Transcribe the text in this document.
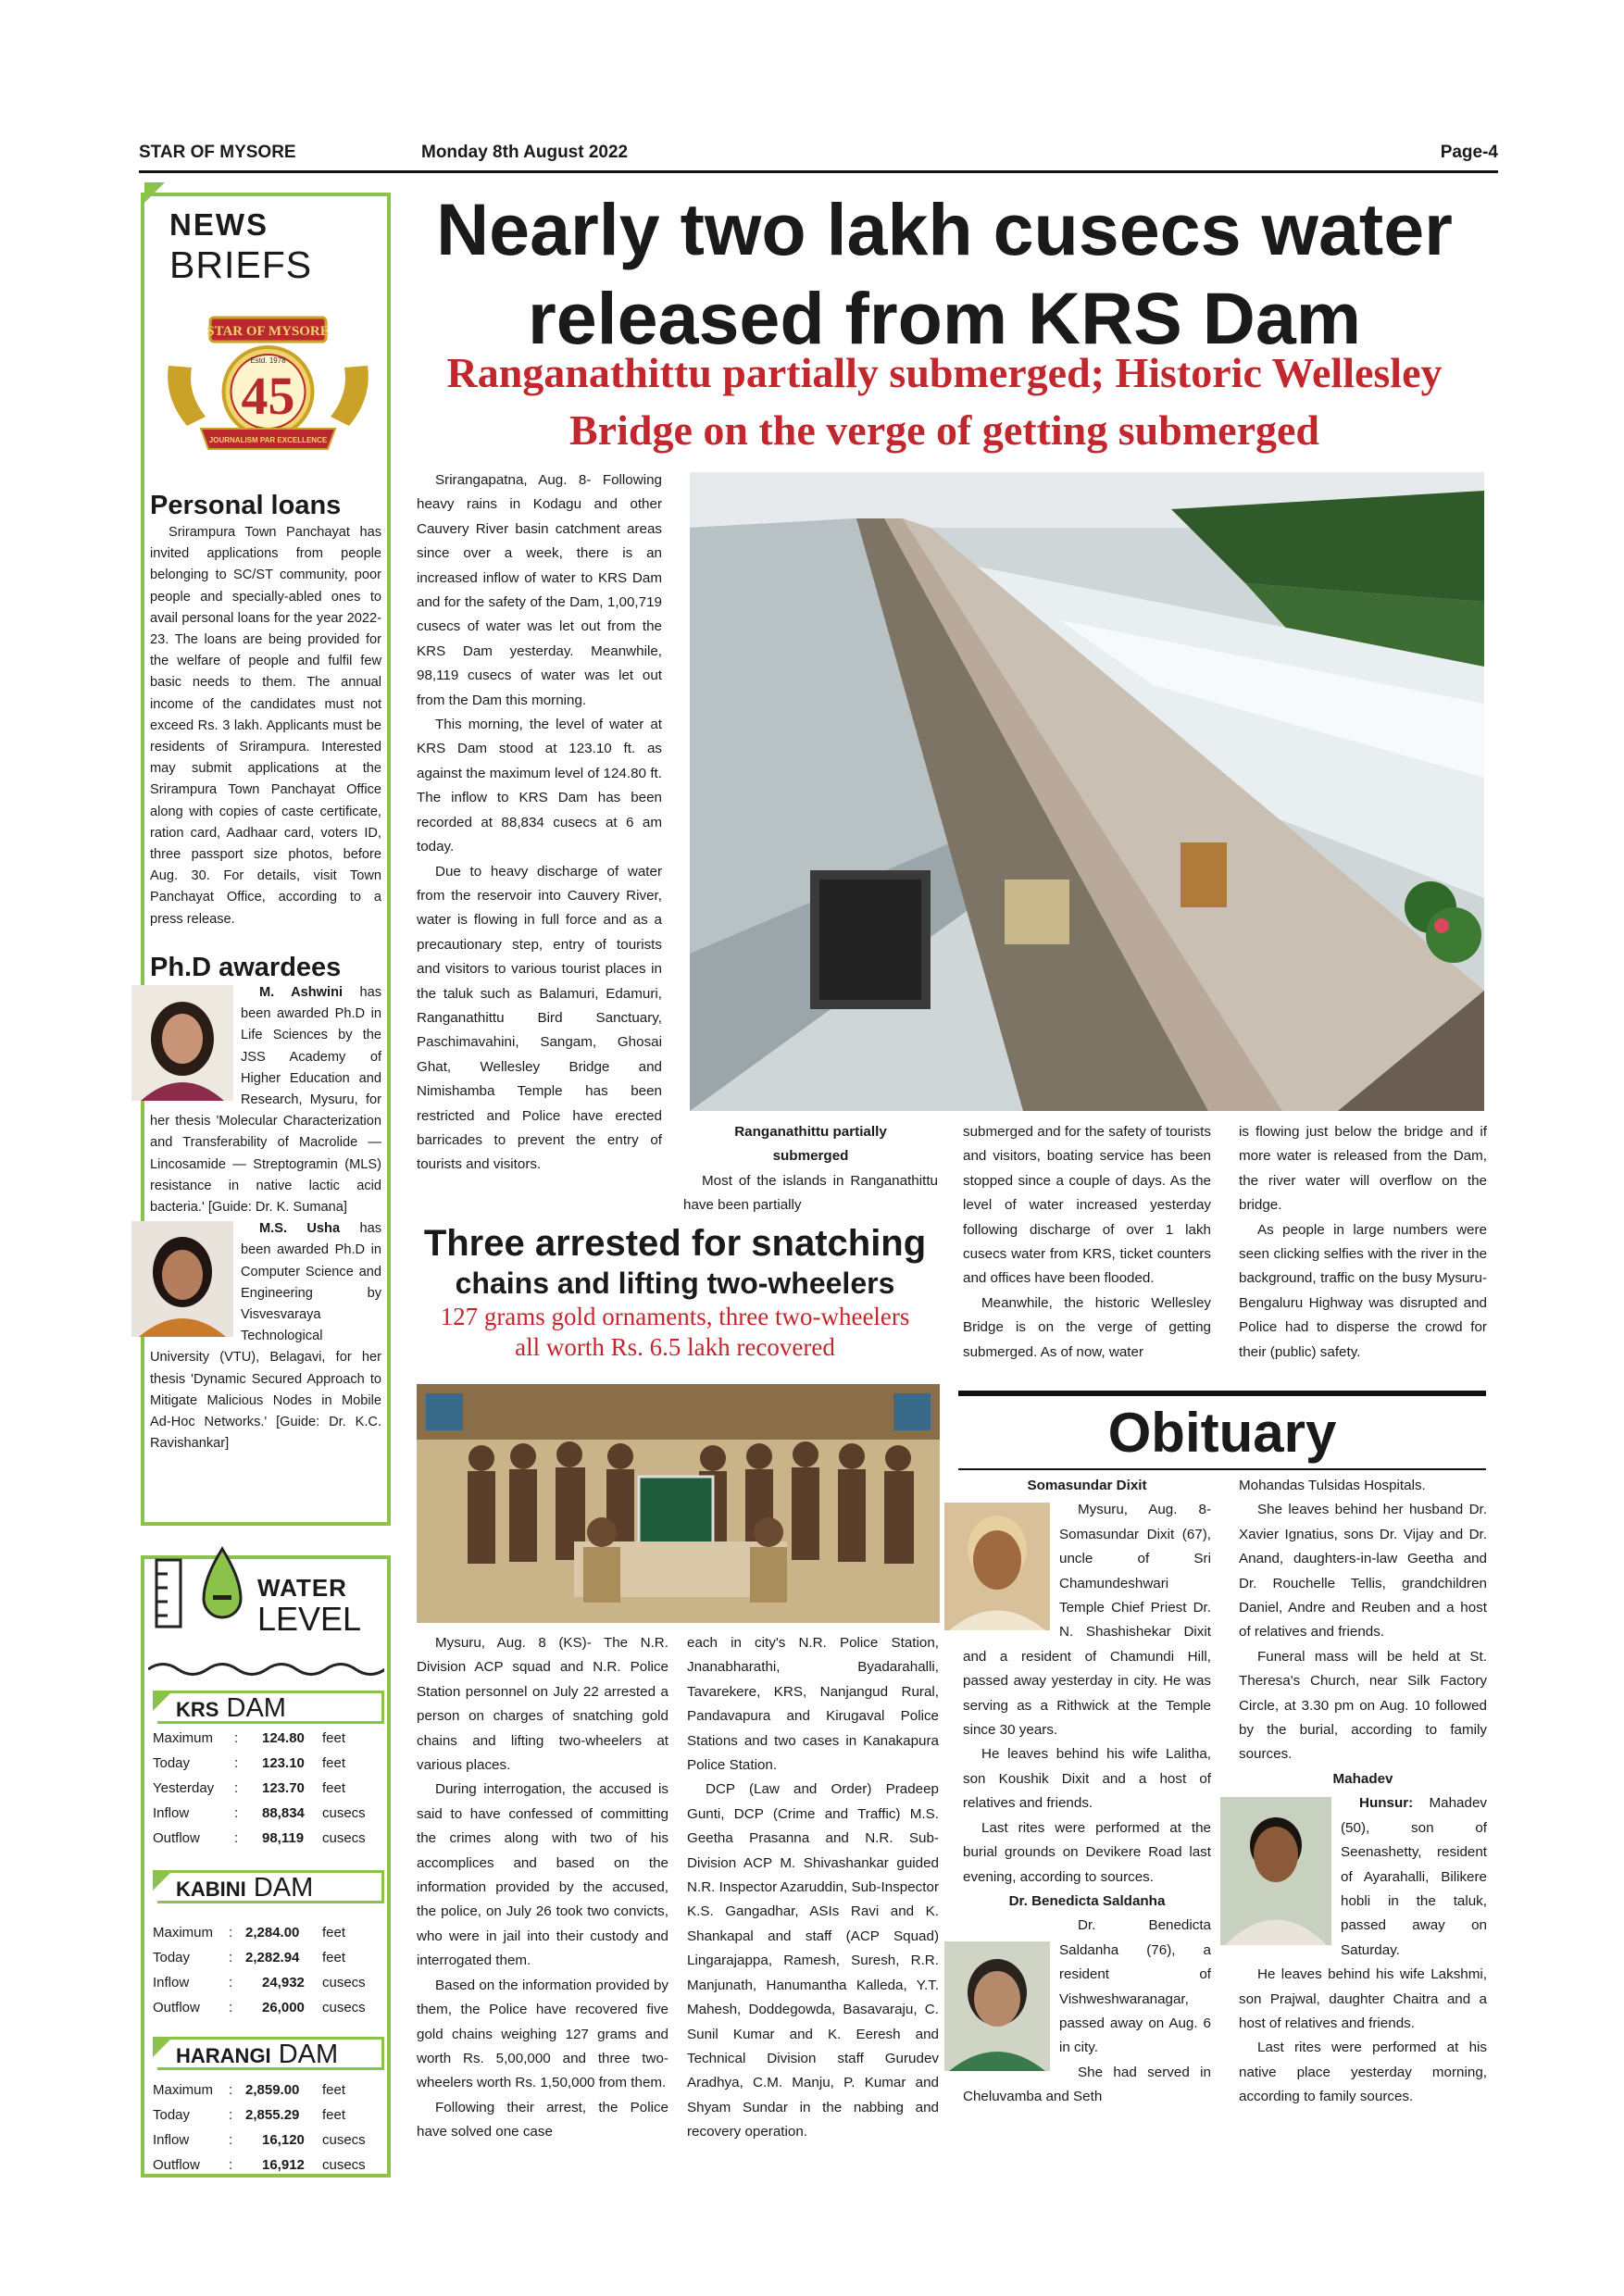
STAR OF MYSORE	Monday 8th August 2022	Page-4
Nearly two lakh cusecs water released from KRS Dam
Ranganathittu partially submerged; Historic Wellesley Bridge on the verge of getting submerged
NEWS
BRIEFS
STAR OF MYSORE
Estd. 1978
45
JOURNALISM PAR EXCELLENCE
Personal loans

Srirampura Town Panchayat has invited applications from people belonging to SC/ST community, poor people and specially-abled ones to avail personal loans for the year 2022-23. The loans are being provided for the welfare of people and fulfil few basic needs to them. The annual income of the candidates must not exceed Rs. 3 lakh. Applicants must be residents of Srirampura. Interested may submit applications at the Srirampura Town Panchayat Office along with copies of caste certificate, ration card, Aadhaar card, voters ID, three passport size photos, before Aug. 30. For details, visit Town Panchayat Office, according to a press release.

Ph.D awardees

M. Ashwini has been awarded Ph.D in Life Sciences by the JSS Academy of Higher Education and Research, Mysuru, for her thesis 'Molecular Characterization and Transferability of Macrolide — Lincosamide — Streptogramin (MLS) resistance in native lactic acid bacteria.' [Guide: Dr. K. Sumana]

M.S. Usha has been awarded Ph.D in Computer Science and Engineering by Visvesvaraya Technological University (VTU), Belagavi, for her thesis 'Dynamic Secured Approach to Mitigate Malicious Nodes in Mobile Ad-Hoc Networks.' [Guide: Dr. K.C. Ravishankar]

WATER
LEVEL
KRS DAM
Maximum : 124.80 feet
Today	: 123.10 feet
Yesterday : 123.70 feet
Inflow	: 88,834 cusecs
Outflow : 98,119 cusecs
KABINI DAM
Maximum : 2,284.00 feet
Today	: 2,282.94 feet
Inflow	: 24,932 cusecs
Outflow : 26,000 cusecs
HARANGI DAM
Maximum : 2,859.00 feet
Today	: 2,855.29 feet
Inflow	: 16,120 cusecs
Outflow : 16,912 cusecs

Srirangapatna, Aug. 8- Following heavy rains in Kodagu and other Cauvery River basin catchment areas since over a week, there is an increased inflow of water to KRS Dam and for the safety of the Dam, 1,00,719 cusecs of water was let out from the KRS Dam yesterday. Meanwhile, 98,119 cusecs of water was let out from the Dam this morning.

This morning, the level of water at KRS Dam stood at 123.10 ft. as against the maximum level of 124.80 ft. The inflow to KRS Dam has been recorded at 88,834 cusecs at 6 am today.

Due to heavy discharge of water from the reservoir into Cauvery River, water is flowing in full force and as a precautionary step, entry of tourists and visitors to various tourist places in the taluk such as Balamuri, Edamuri, Ranganathittu Bird Sanctuary, Paschimavahini, Sangam, Ghosai Ghat, Wellesley Bridge and Nimishamba Temple has been restricted and Police have erected barricades to prevent the entry of tourists and visitors.

Ranganathittu partially submerged

Most of the islands in Ranganathittu have been partially

submerged and for the safety of tourists and visitors, boating service has been stopped since a couple of days. As the level of water increased yesterday following discharge of over 1 lakh cusecs water from KRS, ticket counters and offices have been flooded.

Meanwhile, the historic Wellesley Bridge is on the verge of getting submerged. As of now, water

is flowing just below the bridge and if more water is released from the Dam, the river water will overflow on the bridge.

As people in large numbers were seen clicking selfies with the river in the background, traffic on the busy Mysuru-Bengaluru Highway was disrupted and Police had to disperse the crowd for their (public) safety.

Three arrested for snatching
chains and lifting two-wheelers
127 grams gold ornaments, three two-wheelers all worth Rs. 6.5 lakh recovered

Mysuru, Aug. 8 (KS)- The N.R. Division ACP squad and N.R. Police Station personnel on July 22 arrested a person on charges of snatching gold chains and lifting two-wheelers at various places.

During interrogation, the accused is said to have confessed of committing the crimes along with two of his accomplices and based on the information provided by the accused, the police, on July 26 took two convicts, who were in jail into their custody and interrogated them.

Based on the information provided by them, the Police have recovered five gold chains weighing 127 grams and worth Rs. 5,00,000 and three two-wheelers worth Rs. 1,50,000 from them.

Following their arrest, the Police have solved one case

each in city's N.R. Police Station, Jnanabharathi, Byadarahalli, Tavarekere, KRS, Nanjangud Rural, Pandavapura and Kirugaval Police Stations and two cases in Kanakapura Police Station.

DCP (Law and Order) Pradeep Gunti, DCP (Crime and Traffic) M.S. Geetha Prasanna and N.R. Sub-Division ACP M. Shivashankar guided N.R. Inspector Azaruddin, Sub-Inspector K.S. Gangadhar, ASIs Ravi and K. Shankapal and staff (ACP Squad) Lingarajappa, Ramesh, Suresh, R.R. Manjunath, Hanumantha Kalleda, Y.T. Mahesh, Doddegowda, Basavaraju, C. Sunil Kumar and K. Eeresh and Technical Division staff Gurudev Aradhya, C.M. Manju, P. Kumar and Shyam Sundar in the nabbing and recovery operation.

Obituary
Somasundar Dixit

Mysuru, Aug. 8- Somasundar Dixit (67), uncle of Sri Chamundeshwari Temple Chief Priest Dr. N. Shashishekar Dixit and a resident of Chamundi Hill, passed away yesterday in city. He was serving as a Rithwick at the Temple since 30 years.

He leaves behind his wife Lalitha, son Koushik Dixit and a host of relatives and friends.

Last rites were performed at the burial grounds on Devikere Road last evening, according to sources.

Dr. Benedicta Saldanha

Dr. Benedicta Saldanha (76), a resident of Vishweshwaranagar, passed away on Aug. 6 in city.

She had served in Cheluvamba and Seth

Mohandas Tulsidas Hospitals.

She leaves behind her husband Dr. Xavier Ignatius, sons Dr. Vijay and Dr. Anand, daughters-in-law Geetha and Dr. Rouchelle Tellis, grandchildren Daniel, Andre and Reuben and a host of relatives and friends.

Funeral mass will be held at St. Theresa's Church, near Silk Factory Circle, at 3.30 pm on Aug. 10 followed by the burial, according to family sources.

Mahadev

Hunsur:
Mahadev (50), son of Seenashetty, resident of Ayarahalli, Bilikere hobli in the taluk, passed away on Saturday.

He leaves behind his wife Lakshmi, son Prajwal, daughter Chaitra and a host of relatives and friends.

Last rites were performed at his native place yesterday morning, according to family sources.
